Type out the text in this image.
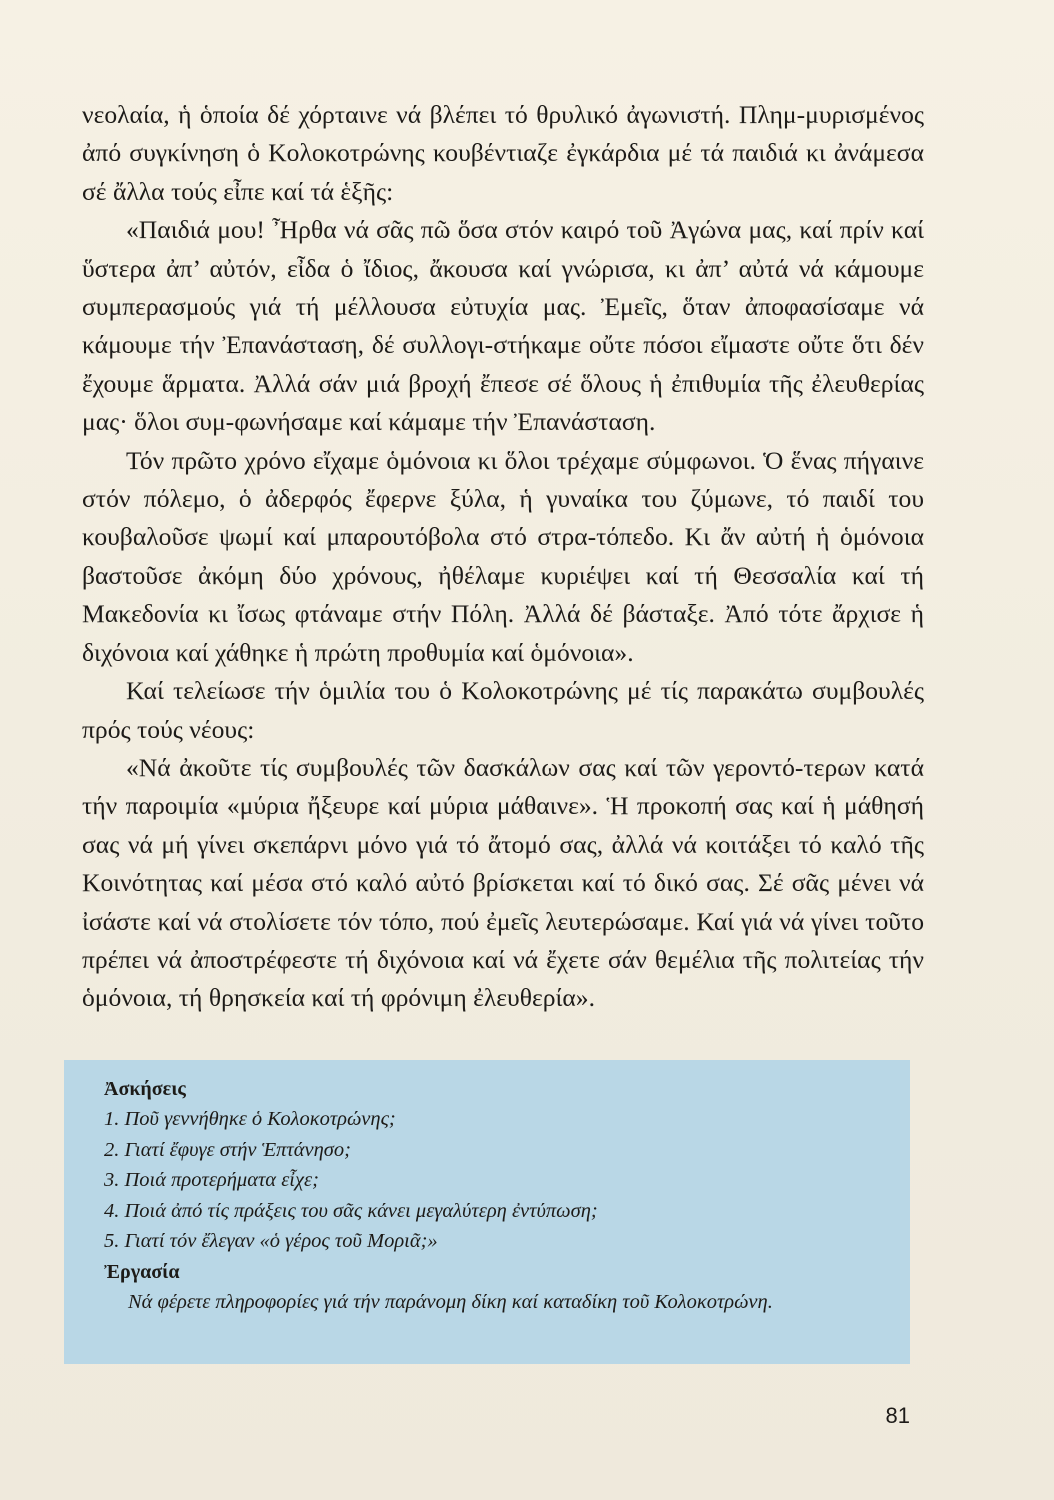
νεολαία, ἡ ὁποία δέ χόρταινε νά βλέπει τό θρυλικό ἀγωνιστή. Πλημ-μυρισμένος ἀπό συγκίνηση ὁ Κολοκοτρώνης κουβέντιαζε ἐγκάρδια μέ τά παιδιά κι ἀνάμεσα σέ ἄλλα τούς εἶπε καί τά ἑξῆς:

«Παιδιά μου! Ἦρθα νά σᾶς πῶ ὅσα στόν καιρό τοῦ Ἀγώνα μας, καί πρίν καί ὕστερα ἀπ’ αὐτόν, εἶδα ὁ ἴδιος, ἄκουσα καί γνώρισα, κι ἀπ’ αὐτά νά κάμουμε συμπερασμούς γιά τή μέλλουσα εὐτυχία μας. Ἐμεῖς, ὅταν ἀποφασίσαμε νά κάμουμε τήν Ἐπανάσταση, δέ συλλογι-στήκαμε οὔτε πόσοι εἴμαστε οὔτε ὅτι δέν ἔχουμε ἅρματα. Ἀλλά σάν μιά βροχή ἔπεσε σέ ὅλους ἡ ἐπιθυμία τῆς ἐλευθερίας μας· ὅλοι συμ-φωνήσαμε καί κάμαμε τήν Ἐπανάσταση.

Τόν πρῶτο χρόνο εἴχαμε ὁμόνοια κι ὅλοι τρέχαμε σύμφωνοι. Ὁ ἕνας πήγαινε στόν πόλεμο, ὁ ἀδερφός ἔφερνε ξύλα, ἡ γυναίκα του ζύμωνε, τό παιδί του κουβαλοῦσε ψωμί καί μπαρουτόβολα στό στρα-τόπεδο. Κι ἄν αὐτή ἡ ὁμόνοια βαστοῦσε ἀκόμη δύο χρόνους, ἠθέλαμε κυριέψει καί τή Θεσσαλία καί τή Μακεδονία κι ἴσως φτάναμε στήν Πόλη. Ἀλλά δέ βάσταξε. Ἀπό τότε ἄρχισε ἡ διχόνοια καί χάθηκε ἡ πρώτη προθυμία καί ὁμόνοια».

Καί τελείωσε τήν ὁμιλία του ὁ Κολοκοτρώνης μέ τίς παρακάτω συμβουλές πρός τούς νέους:

«Νά ἀκοῦτε τίς συμβουλές τῶν δασκάλων σας καί τῶν γεροντό-τερων κατά τήν παροιμία «μύρια ἤξευρε καί μύρια μάθαινε». Ἡ προκοπή σας καί ἡ μάθησή σας νά μή γίνει σκεπάρνι μόνο γιά τό ἄτομό σας, ἀλλά νά κοιτάξει τό καλό τῆς Κοινότητας καί μέσα στό καλό αὐτό βρίσκεται καί τό δικό σας. Σέ σᾶς μένει νά ἰσάστε καί νά στολίσετε τόν τόπο, πού ἐμεῖς λευτερώσαμε. Καί γιά νά γίνει τοῦτο πρέπει νά ἀποστρέφεστε τή διχόνοια καί νά ἔχετε σάν θεμέλια τῆς πολιτείας τήν ὁμόνοια, τή θρησκεία καί τή φρόνιμη ἐλευθερία».

Ἀσκήσεις

1. Ποῦ γεννήθηκε ὁ Κολοκοτρώνης;

2. Γιατί ἔφυγε στήν Ἑπτάνησο;

3. Ποιά προτερήματα εἶχε;

4. Ποιά ἀπό τίς πράξεις του σᾶς κάνει μεγαλύτερη ἐντύπωση;

5. Γιατί τόν ἔλεγαν «ὁ γέρος τοῦ Μοριᾶ;»

Ἐργασία

Νά φέρετε πληροφορίες γιά τήν παράνομη δίκη καί καταδίκη τοῦ Κολοκοτρώνη.

81
